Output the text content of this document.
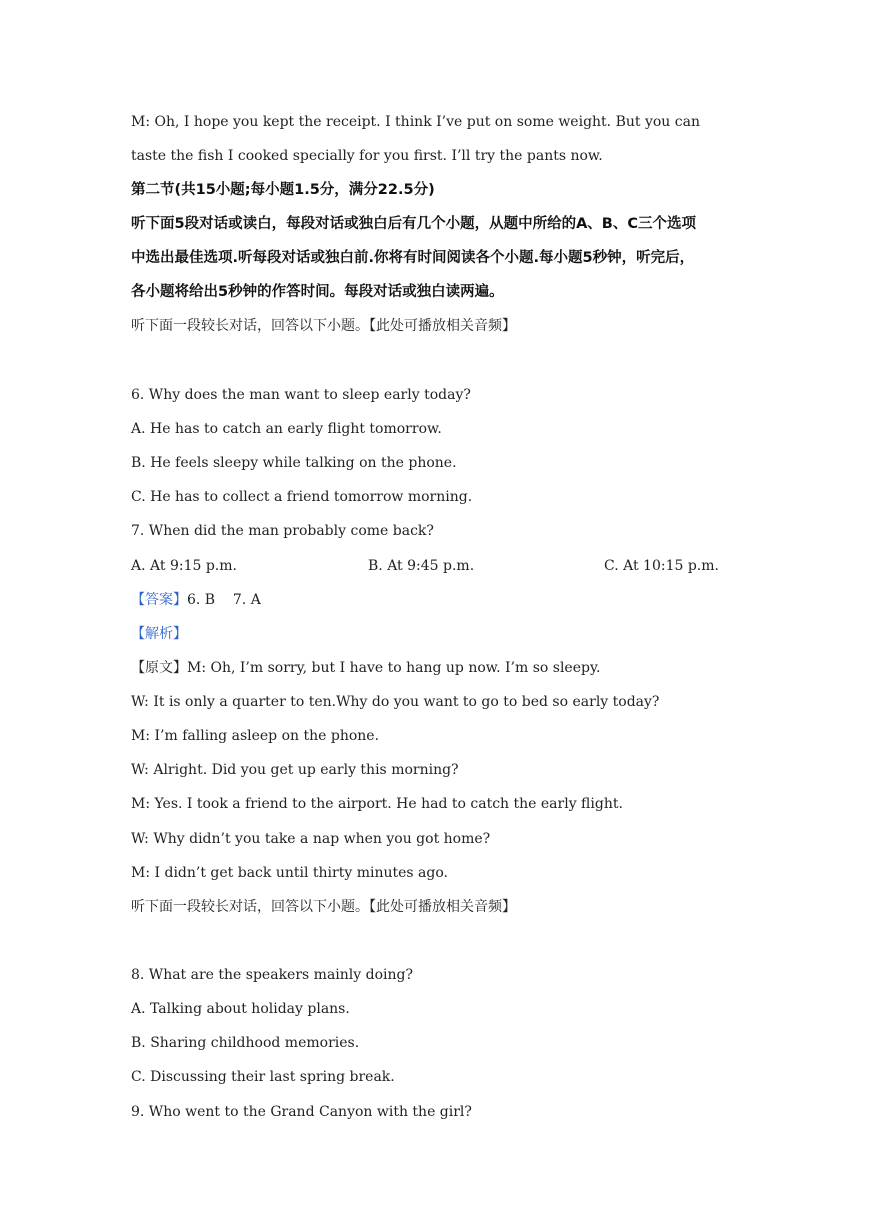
M: Oh, I hope you kept the receipt. I think I’ve put on some weight. But you can
taste the fish I cooked specially for you first. I’ll try the pants now.
第二节(共15小题;每小题1.5分，满分22.5分)
听下面5段对话或读白，每段对话或独白后有几个小题，从题中所给的A、B、C三个选项
中选出最佳选项.听每段对话或独白前.你将有时间阅读各个小题.每小题5秒钟，听完后，
各小题将给出5秒钟的作答时间。每段对话或独白读两遍。
听下面一段较长对话，回答以下小题。【此处可播放相关音频】
6. Why does the man want to sleep early today?
A. He has to catch an early flight tomorrow.
B. He feels sleepy while talking on the phone.
C. He has to collect a friend tomorrow morning.
7. When did the man probably come back?
A. At 9:15 p.m.	B. At 9:45 p.m.	C. At 10:15 p.m.
【答案】6. B    7. A
【解析】
【原文】M: Oh, I’m sorry, but I have to hang up now. I’m so sleepy.
W: It is only a quarter to ten.Why do you want to go to bed so early today?
M: I’m falling asleep on the phone.
W: Alright. Did you get up early this morning?
M: Yes. I took a friend to the airport. He had to catch the early flight.
W: Why didn’t you take a nap when you got home?
M: I didn’t get back until thirty minutes ago.
听下面一段较长对话，回答以下小题。【此处可播放相关音频】
8. What are the speakers mainly doing?
A. Talking about holiday plans.
B. Sharing childhood memories.
C. Discussing their last spring break.
9. Who went to the Grand Canyon with the girl?
